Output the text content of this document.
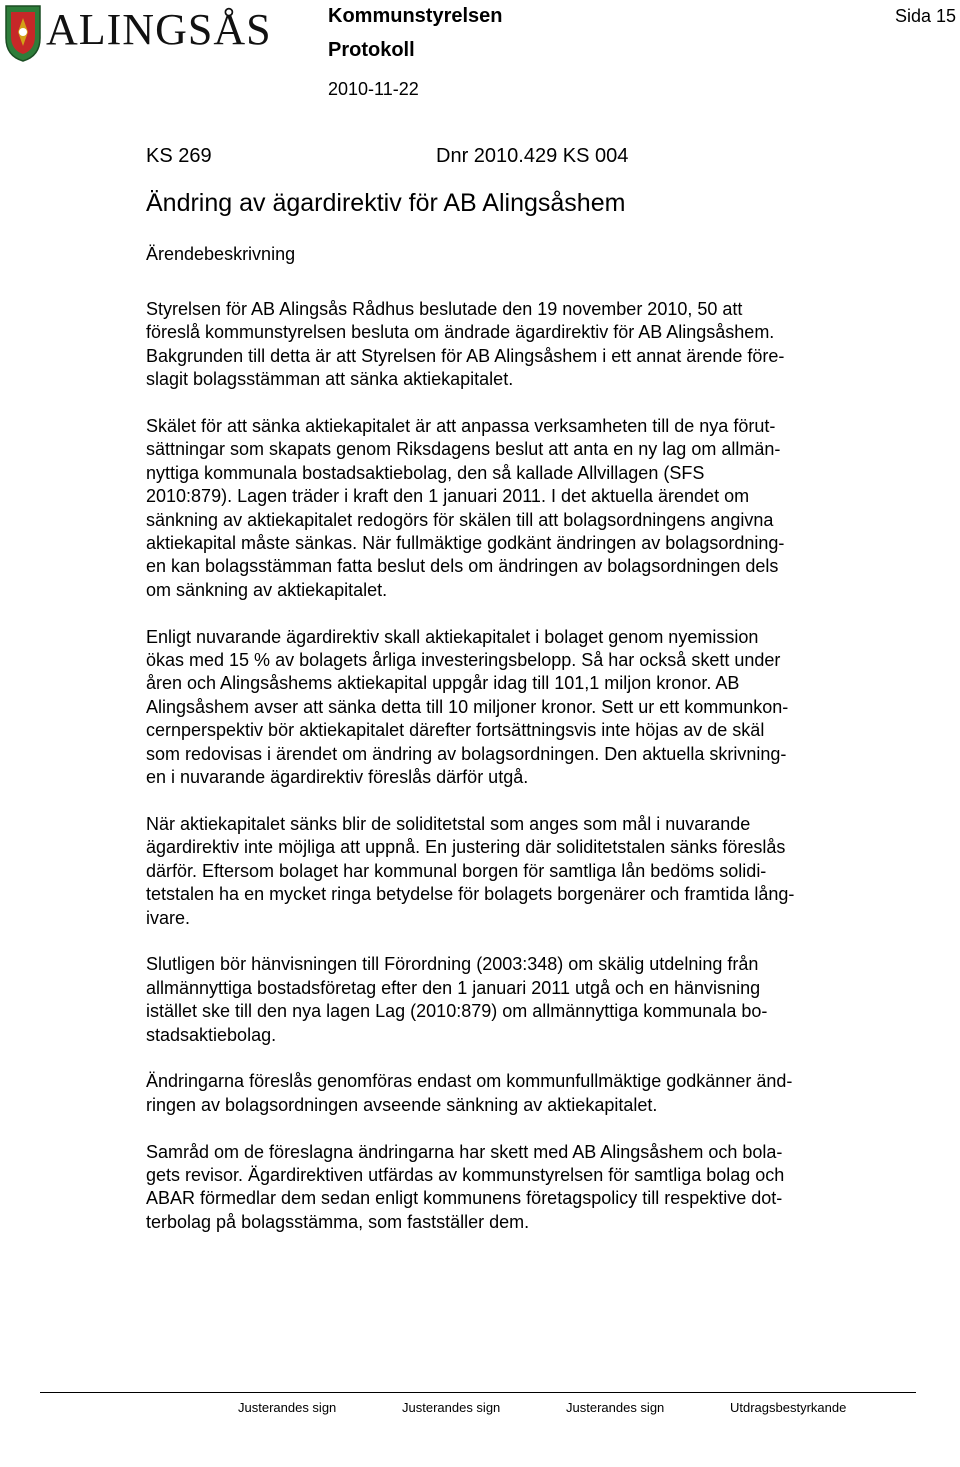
ALINGSÅS	Kommunstyrelsen
Protokoll
2010-11-22
Sida 15
KS 269	Dnr 2010.429 KS 004
Ändring av ägardirektiv för AB Alingsåshem
Ärendebeskrivning
Styrelsen för AB Alingsås Rådhus beslutade den 19 november 2010, 50 att
föreslå kommunstyrelsen besluta om ändrade ägardirektiv för AB Alingsåshem.
Bakgrunden till detta är att Styrelsen för AB Alingsåshem i ett annat ärende före-
slagit bolagsstämman att sänka aktiekapitalet.
Skälet för att sänka aktiekapitalet är att anpassa verksamheten till de nya förut-
sättningar som skapats genom Riksdagens beslut att anta en ny lag om allmän-
nyttiga kommunala bostadsaktiebolag, den så kallade Allvillagen (SFS
2010:879). Lagen träder i kraft den 1 januari 2011. I det aktuella ärendet om
sänkning av aktiekapitalet redogörs för skälen till att bolagsordningens angivna
aktiekapital måste sänkas. När fullmäktige godkänt ändringen av bolagsordning-
en kan bolagsstämman fatta beslut dels om ändringen av bolagsordningen dels
om sänkning av aktiekapitalet.
Enligt nuvarande ägardirektiv skall aktiekapitalet i bolaget genom nyemission
ökas med 15 % av bolagets årliga investeringsbelopp. Så har också skett under
åren och Alingsåshems aktiekapital uppgår idag till 101,1 miljon kronor. AB
Alingsåshem avser att sänka detta till 10 miljoner kronor. Sett ur ett kommunkon-
cernperspektiv bör aktiekapitalet därefter fortsättningsvis inte höjas av de skäl
som redovisas i ärendet om ändring av bolagsordningen. Den aktuella skrivning-
en i nuvarande ägardirektiv föreslås därför utgå.
När aktiekapitalet sänks blir de soliditetstal som anges som mål i nuvarande
ägardirektiv inte möjliga att uppnå. En justering där soliditetstalen sänks föreslås
därför. Eftersom bolaget har kommunal borgen för samtliga lån bedöms solidi-
tetstalen ha en mycket ringa betydelse för bolagets borgenärer och framtida lång-
ivare.
Slutligen bör hänvisningen till Förordning (2003:348) om skälig utdelning från
allmännyttiga bostadsföretag efter den 1 januari 2011 utgå och en hänvisning
istället ske till den nya lagen Lag (2010:879) om allmännyttiga kommunala bo-
stadsaktiebolag.
Ändringarna föreslås genomföras endast om kommunfullmäktige godkänner änd-
ringen av bolagsordningen avseende sänkning av aktiekapitalet.
Samråd om de föreslagna ändringarna har skett med AB Alingsåshem och bola-
gets revisor. Ägardirektiven utfärdas av kommunstyrelsen för samtliga bolag och
ABAR förmedlar dem sedan enligt kommunens företagspolicy till respektive dot-
terbolag på bolagsstämma, som fastställer dem.
Justerandes sign	Justerandes sign	Justerandes sign	Utdragsbestyrkande
